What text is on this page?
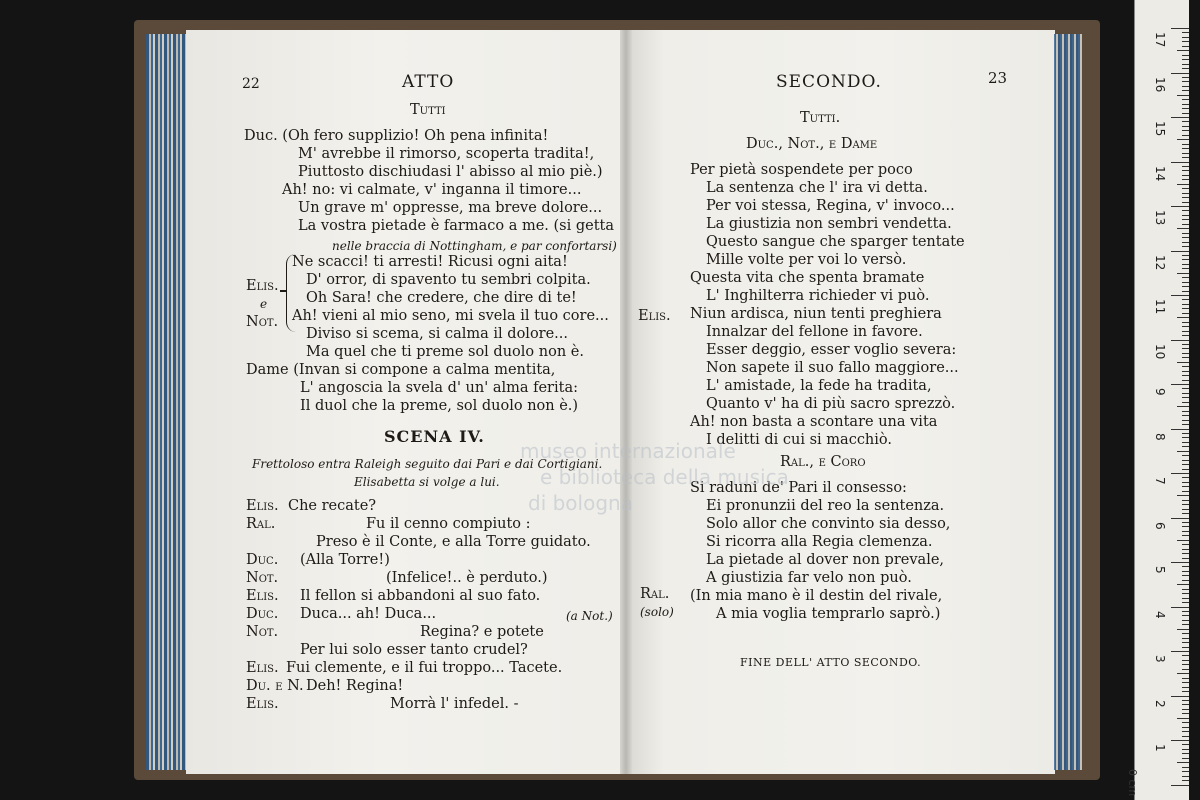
22	ATTO
Tutti
Duc. (Oh fero supplizio! Oh pena infinita!
M' avrebbe il rimorso, scoperta tradita!,
Piuttosto dischiudasi l' abisso al mio piè.)
Ah! no: vi calmate, v' inganna il timore...
Un grave m' oppresse, ma breve dolore...
La vostra pietade è farmaco a me. (si getta
nelle braccia di Nottingham, e par confortarsi)
Elis.
e
Not.
Ne scacci! ti arresti! Ricusi ogni aita!
D' orror, di spavento tu sembri colpita.
Oh Sara! che credere, che dire di te!
Ah! vieni al mio seno, mi svela il tuo core...
Diviso si scema, si calma il dolore...
Ma quel che ti preme sol duolo non è.
Dame (Invan si compone a calma mentita,
L' angoscia la svela d' un' alma ferita:
Il duol che la preme, sol duolo non è.)
SCENA IV.
Frettoloso entra Raleigh seguito dai Pari e dai Cortigiani.
Elisabetta si volge a lui.
Elis. Che recate?
Ral.	Fu il cenno compiuto :
Preso è il Conte, e alla Torre guidato.
Duc. (Alla Torre!)
Not.	(Infelice!.. è perduto.)
Elis. Il fellon si abbandoni al suo fato.
Duc. Duca... ah! Duca...	(a Not.)
Not.	Regina? e potete
Per lui solo esser tanto crudel?
Elis. Fui clemente, e il fui troppo... Tacete.
Du. e N. Deh! Regina!
Elis.	Morrà l' infedel. -
SECONDO.	23
Tutti.
Duc., Not., e Dame
Per pietà sospendete per poco
La sentenza che l' ira vi detta.
Per voi stessa, Regina, v' invoco...
La giustizia non sembri vendetta.
Questo sangue che sparger tentate
Mille volte per voi lo versò.
Questa vita che spenta bramate
L' Inghilterra richieder vi può.
Elis. Niun ardisca, niun tenti preghiera
Innalzar del fellone in favore.
Esser deggio, esser voglio severa:
Non sapete il suo fallo maggiore...
L' amistade, la fede ha tradita,
Quanto v' ha di più sacro sprezzò.
Ah! non basta a scontare una vita
I delitti di cui si macchiò.
Ral., e Coro
Si raduni de' Pari il consesso:
Ei pronunzii del reo la sentenza.
Solo allor che convinto sia desso,
Si ricorra alla Regia clemenza.
La pietade al dover non prevale,
A giustizia far velo non può.
Ral.
(solo)
(In mia mano è il destin del rivale,
A mia voglia temprarlo saprò.)
FINE DELL' ATTO SECONDO.
museo internazionale
e biblioteca della musica
di bologna
0 cm
17
16
15
14
13
12
11
10
9
8
7
6
5
4
3
2
1
